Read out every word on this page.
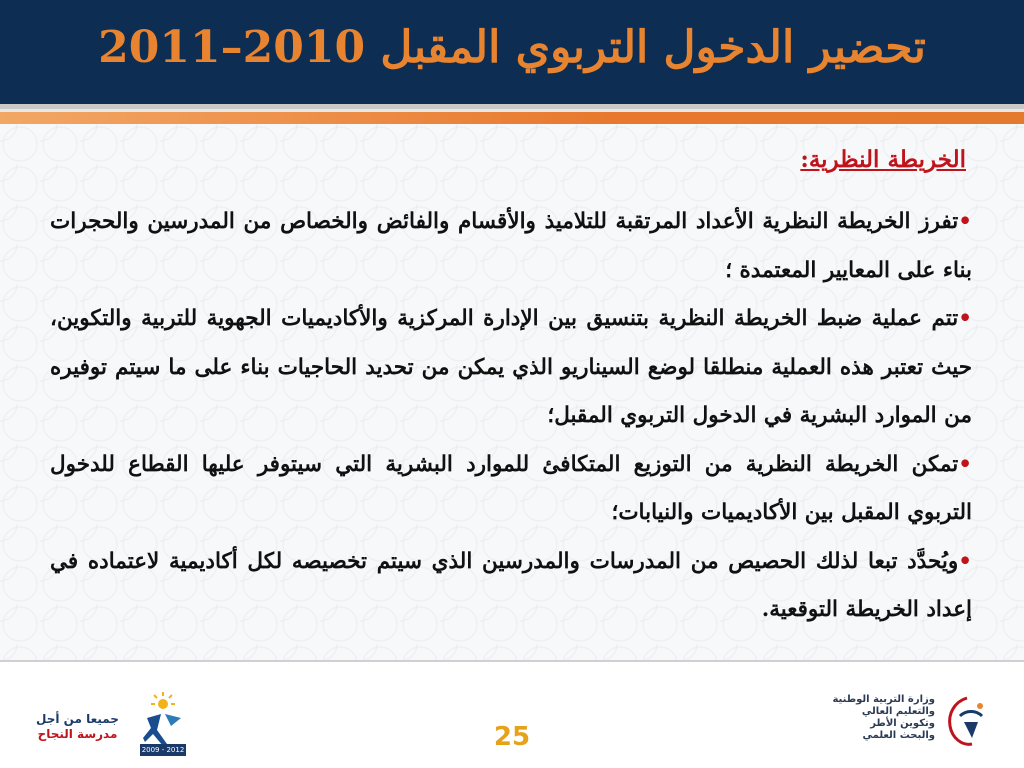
تحضير الدخول التربوي المقبل 2010–2011
الخريطة النظرية:

•تفرز الخريطة النظرية الأعداد المرتقبة للتلاميذ والأقسام والفائض والخصاص من المدرسين والحجرات بناء على المعايير المعتمدة ؛

•تتم عملية ضبط الخريطة النظرية بتنسيق بين الإدارة المركزية والأكاديميات الجهوية للتربية والتكوين، حيث تعتبر هذه العملية منطلقا لوضع السيناريو الذي يمكن من تحديد الحاجيات بناء على ما سيتم توفيره من الموارد البشرية في الدخول التربوي المقبل؛

•تمكن الخريطة النظرية من التوزيع المتكافئ للموارد البشرية التي سيتوفر عليها القطاع للدخول التربوي المقبل بين الأكاديميات والنيابات؛

•ويُحدَّد تبعا لذلك الحصيص من المدرسات والمدرسين الذي سيتم تخصيصه لكل أكاديمية لاعتماده في إعداد الخريطة التوقعية.

جميعا من أجل
مدرسة النجاح
2009 - 2012	25
وزارة التربية الوطنية
والتعليم العالي
وتكوين الأطر
والبحث العلمي
